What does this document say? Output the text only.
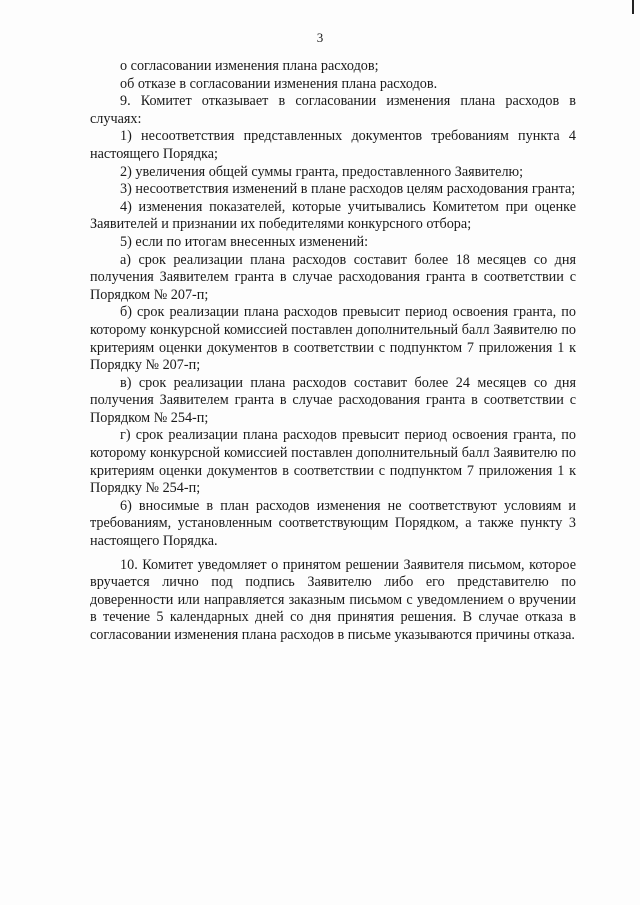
3

о согласовании изменения плана расходов;

об отказе в согласовании изменения плана расходов.

9. Комитет отказывает в согласовании изменения плана расходов в случаях:

1) несоответствия представленных документов требованиям пункта 4 настоящего Порядка;

2) увеличения общей суммы гранта, предоставленного Заявителю;

3) несоответствия изменений в плане расходов целям расходования гранта;

4) изменения показателей, которые учитывались Комитетом при оценке Заявителей и признании их победителями конкурсного отбора;

5) если по итогам внесенных изменений:

а) срок реализации плана расходов составит более 18 месяцев со дня получения Заявителем гранта в случае расходования гранта в соответствии с Порядком № 207-п;

б) срок реализации плана расходов превысит период освоения гранта, по которому конкурсной комиссией поставлен дополнительный балл Заявителю по критериям оценки документов в соответствии с подпунктом 7 приложения 1 к Порядку № 207-п;

в) срок реализации плана расходов составит более 24 месяцев со дня получения Заявителем гранта в случае расходования гранта в соответствии с Порядком № 254-п;

г) срок реализации плана расходов превысит период освоения гранта, по которому конкурсной комиссией поставлен дополнительный балл Заявителю по критериям оценки документов в соответствии с подпунктом 7 приложения 1 к Порядку № 254-п;

6) вносимые в план расходов изменения не соответствуют условиям и требованиям, установленным соответствующим Порядком, а также пункту 3 настоящего Порядка.

10. Комитет уведомляет о принятом решении Заявителя письмом, которое вручается лично под подпись Заявителю либо его представителю по доверенности или направляется заказным письмом с уведомлением о вручении в течение 5 календарных дней со дня принятия решения. В случае отказа в согласовании изменения плана расходов в письме указываются причины отказа.
